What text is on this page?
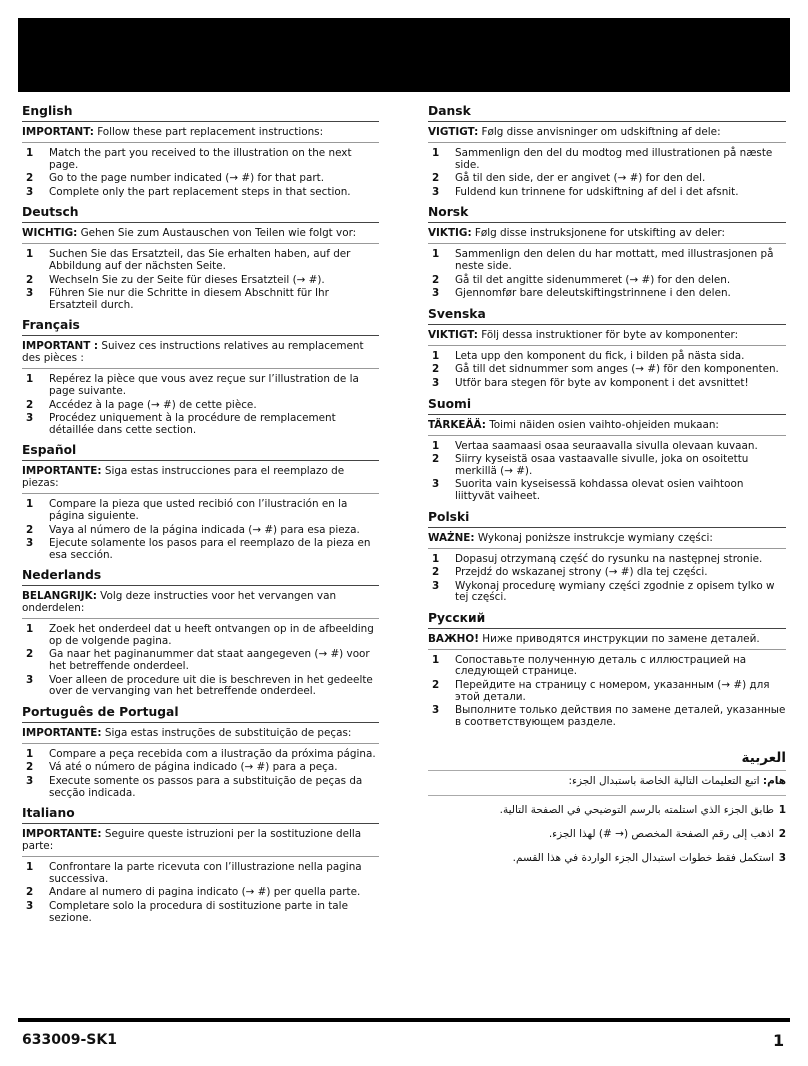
English
IMPORTANT: Follow these part replacement instructions:
1 Match the part you received to the illustration on the next page.
2 Go to the page number indicated (→ #) for that part.
3 Complete only the part replacement steps in that section.
Deutsch
WICHTIG: Gehen Sie zum Austauschen von Teilen wie folgt vor:
1 Suchen Sie das Ersatzteil, das Sie erhalten haben, auf der Abbildung auf der nächsten Seite.
2 Wechseln Sie zu der Seite für dieses Ersatzteil (→ #).
3 Führen Sie nur die Schritte in diesem Abschnitt für Ihr Ersatzteil durch.
Français
IMPORTANT : Suivez ces instructions relatives au remplacement des pièces :
1 Repérez la pièce que vous avez reçue sur l’illustration de la page suivante.
2 Accédez à la page (→ #) de cette pièce.
3 Procédez uniquement à la procédure de remplacement détaillée dans cette section.
Español
IMPORTANTE: Siga estas instrucciones para el reemplazo de piezas:
1 Compare la pieza que usted recibió con l’ilustración en la página siguiente.
2 Vaya al número de la página indicada (→ #) para esa pieza.
3 Ejecute solamente los pasos para el reemplazo de la pieza en esa sección.
Nederlands
BELANGRIJK: Volg deze instructies voor het vervangen van onderdelen:
1 Zoek het onderdeel dat u heeft ontvangen op in de afbeelding op de volgende pagina.
2 Ga naar het paginanummer dat staat aangegeven (→ #) voor het betreffende onderdeel.
3 Voer alleen de procedure uit die is beschreven in het gedeelte over de vervanging van het betreffende onderdeel.
Português de Portugal
IMPORTANTE: Siga estas instruções de substituição de peças:
1 Compare a peça recebida com a ilustração da próxima página.
2 Vá até o número de página indicado (→ #) para a peça.
3 Execute somente os passos para a substituição de peças da secção indicada.
Italiano
IMPORTANTE: Seguire queste istruzioni per la sostituzione della parte:
1 Confrontare la parte ricevuta con l’illustrazione nella pagina successiva.
2 Andare al numero di pagina indicato (→ #) per quella parte.
3 Completare solo la procedura di sostituzione parte in tale sezione.
Dansk
VIGTIGT: Følg disse anvisninger om udskiftning af dele:
1 Sammenlign den del du modtog med illustrationen på næste side.
2 Gå til den side, der er angivet (→ #) for den del.
3 Fuldend kun trinnene for udskiftning af del i det afsnit.
Norsk
VIKTIG: Følg disse instruksjonene for utskifting av deler:
1 Sammenlign den delen du har mottatt, med illustrasjonen på neste side.
2 Gå til det angitte sidenummeret (→ #) for den delen.
3 Gjennomfør bare deleutskiftingstrinnene i den delen.
Svenska
VIKTIGT: Följ dessa instruktioner för byte av komponenter:
1 Leta upp den komponent du fick, i bilden på nästa sida.
2 Gå till det sidnummer som anges (→ #) för den komponenten.
3 Utför bara stegen för byte av komponent i det avsnittet!
Suomi
TÄRKEÄÄ: Toimi näiden osien vaihto-ohjeiden mukaan:
1 Vertaa saamaasi osaa seuraavalla sivulla olevaan kuvaan.
2 Siirry kyseistä osaa vastaavalle sivulle, joka on osoitettu merkillä (→ #).
3 Suorita vain kyseisessä kohdassa olevat osien vaihtoon liittyvät vaiheet.
Polski
WAŻNE: Wykonaj poniższe instrukcje wymiany części:
1 Dopasuj otrzymaną część do rysunku na następnej stronie.
2 Przejdź do wskazanej strony (→ #) dla tej części.
3 Wykonaj procedurę wymiany części zgodnie z opisem tylko w tej części.
Русский
ВАЖНО! Ниже приводятся инструкции по замене деталей.
1 Сопоставьте полученную деталь с иллюстрацией на следующей странице.
2 Перейдите на страницу с номером, указанным (→ #) для этой детали.
3 Выполните только действия по замене деталей, указанные в соответствующем разделе.
العربية
هام: اتبع التعليمات التالية الخاصة باستبدال الجزء:
1
طابق الجزء الذي استلمته بالرسم التوضيحي في الصفحة التالية.
2
اذهب إلى رقم الصفحة المخصص (→ #) لهذا الجزء.
3
استكمل فقط خطوات استبدال الجزء الواردة في هذا القسم.
633009-SK1	1
